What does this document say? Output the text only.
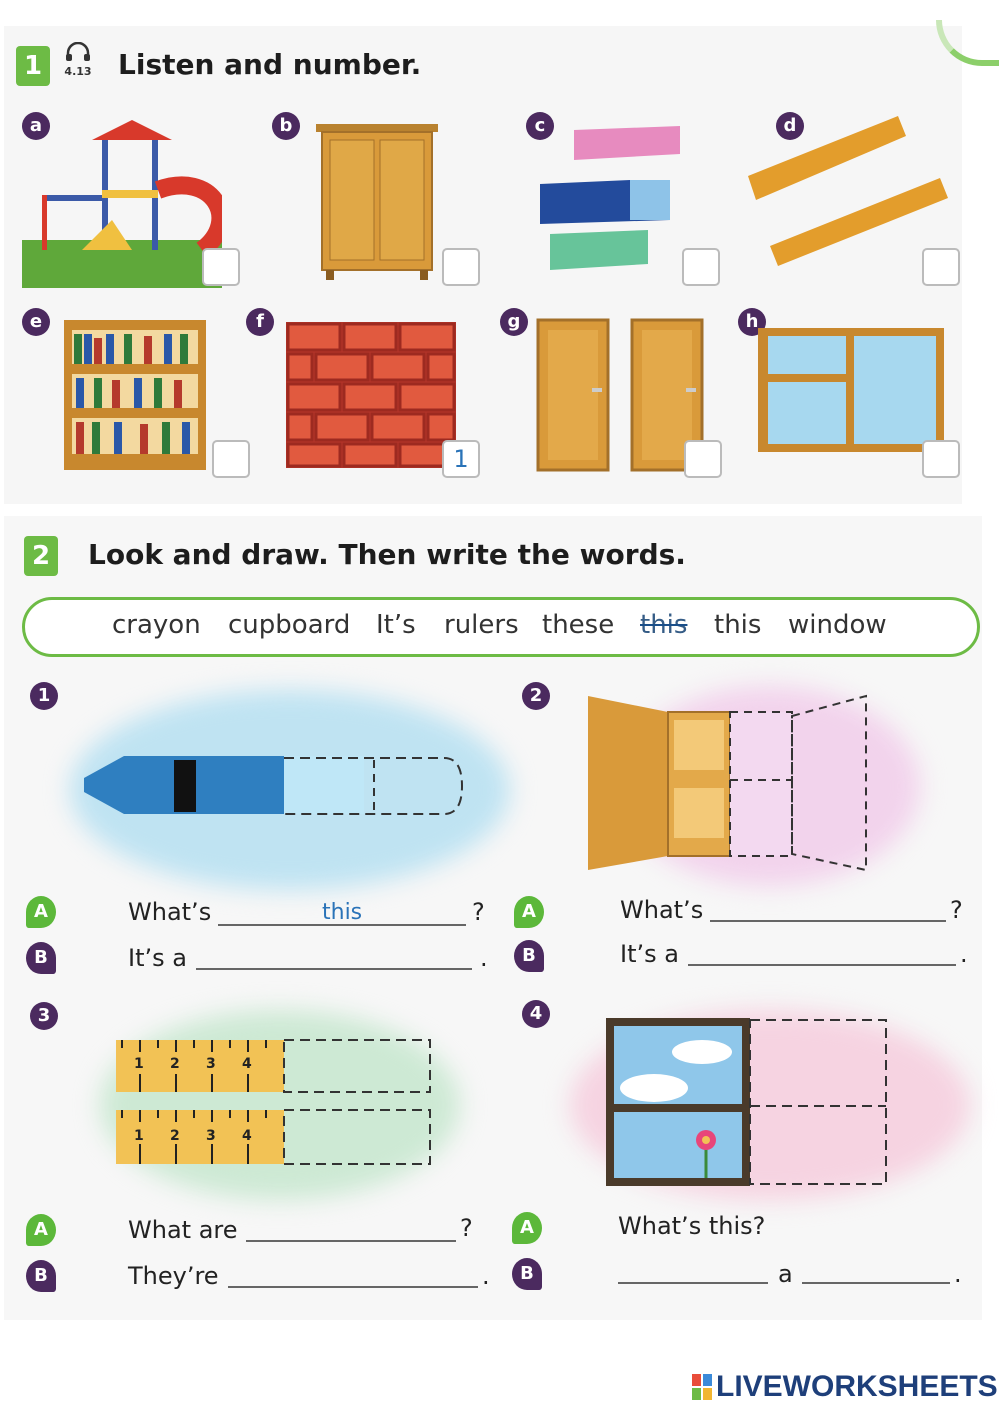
1	4.13 Listen and number.
a	b	c	d
e	f	g	h
1
2 Look and draw. Then write the words.
crayon cupboard It’s rulers these this this window
1
A	What’s	this	?
B	It’s a	.
2
A	What’s	?
B	It’s a	.
3
1 2 3 4
1 2 3 4
A	What are	?
B	They’re	.
4
A	What’s this?
B	a	.
LIVEWORKSHEETS
